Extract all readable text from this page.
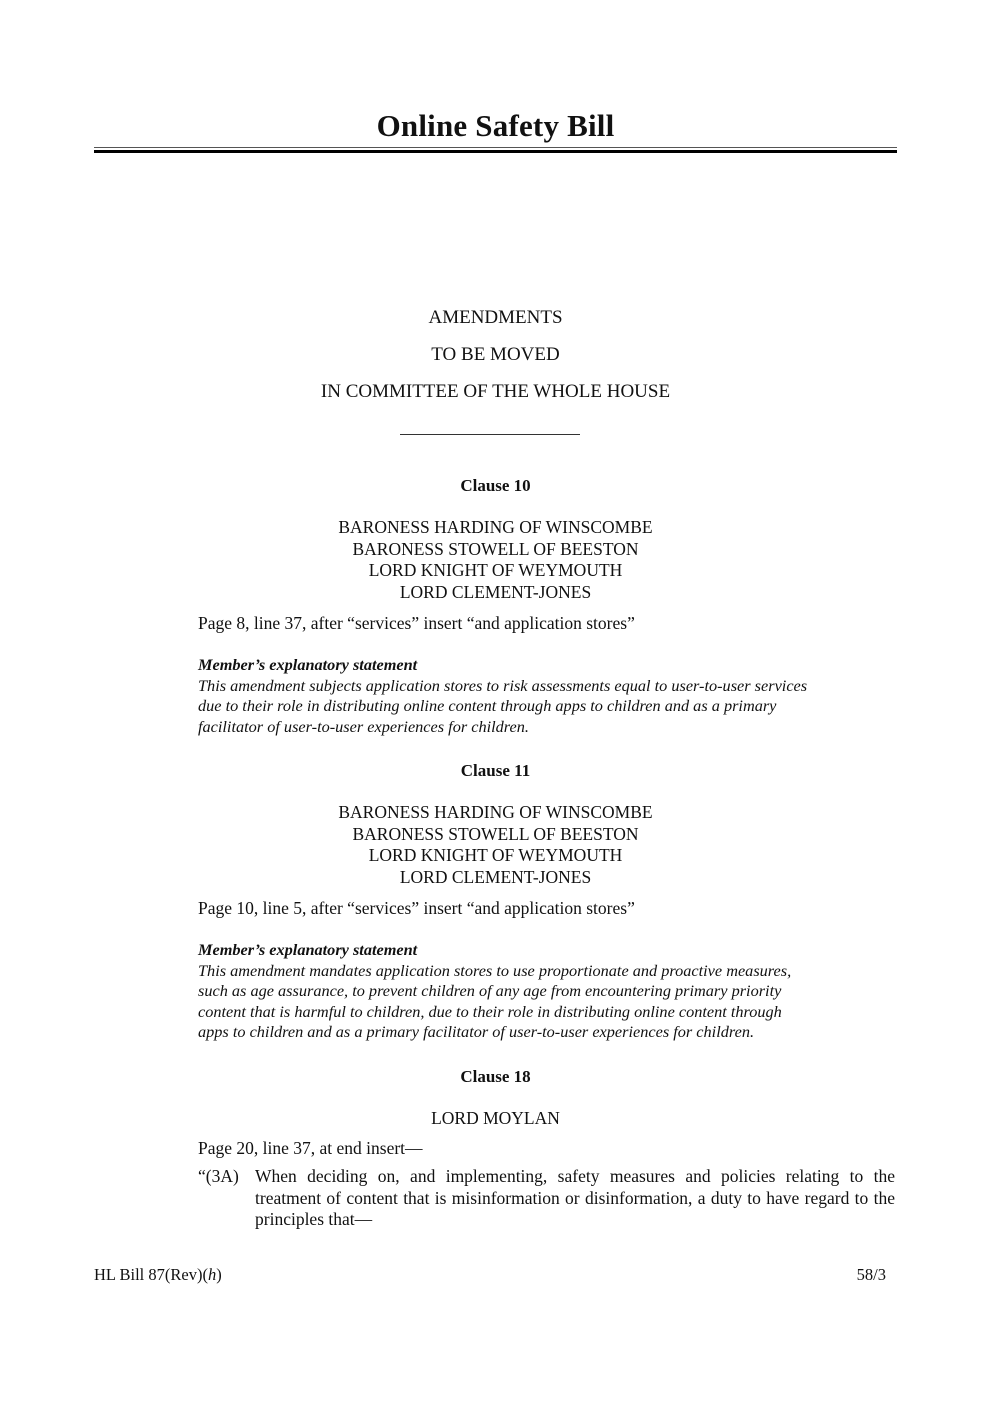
Online Safety Bill
AMENDMENTS
TO BE MOVED
IN COMMITTEE OF THE WHOLE HOUSE
Clause 10
BARONESS HARDING OF WINSCOMBE
BARONESS STOWELL OF BEESTON
LORD KNIGHT OF WEYMOUTH
LORD CLEMENT-JONES
Page 8, line 37, after “services” insert “and application stores”
Member’s explanatory statement
This amendment subjects application stores to risk assessments equal to user-to-user services
due to their role in distributing online content through apps to children and as a primary
facilitator of user-to-user experiences for children.
Clause 11
BARONESS HARDING OF WINSCOMBE
BARONESS STOWELL OF BEESTON
LORD KNIGHT OF WEYMOUTH
LORD CLEMENT-JONES
Page 10, line 5, after “services” insert “and application stores”
Member’s explanatory statement
This amendment mandates application stores to use proportionate and proactive measures,
such as age assurance, to prevent children of any age from encountering primary priority
content that is harmful to children, due to their role in distributing online content through
apps to children and as a primary facilitator of user-to-user experiences for children.
Clause 18
LORD MOYLAN
Page 20, line 37, at end insert—
“(3A) When deciding on, and implementing, safety measures and policies relating to the treatment of content that is misinformation or disinformation, a duty to have regard to the principles that—
HL Bill 87(Rev)(h)	58/3
